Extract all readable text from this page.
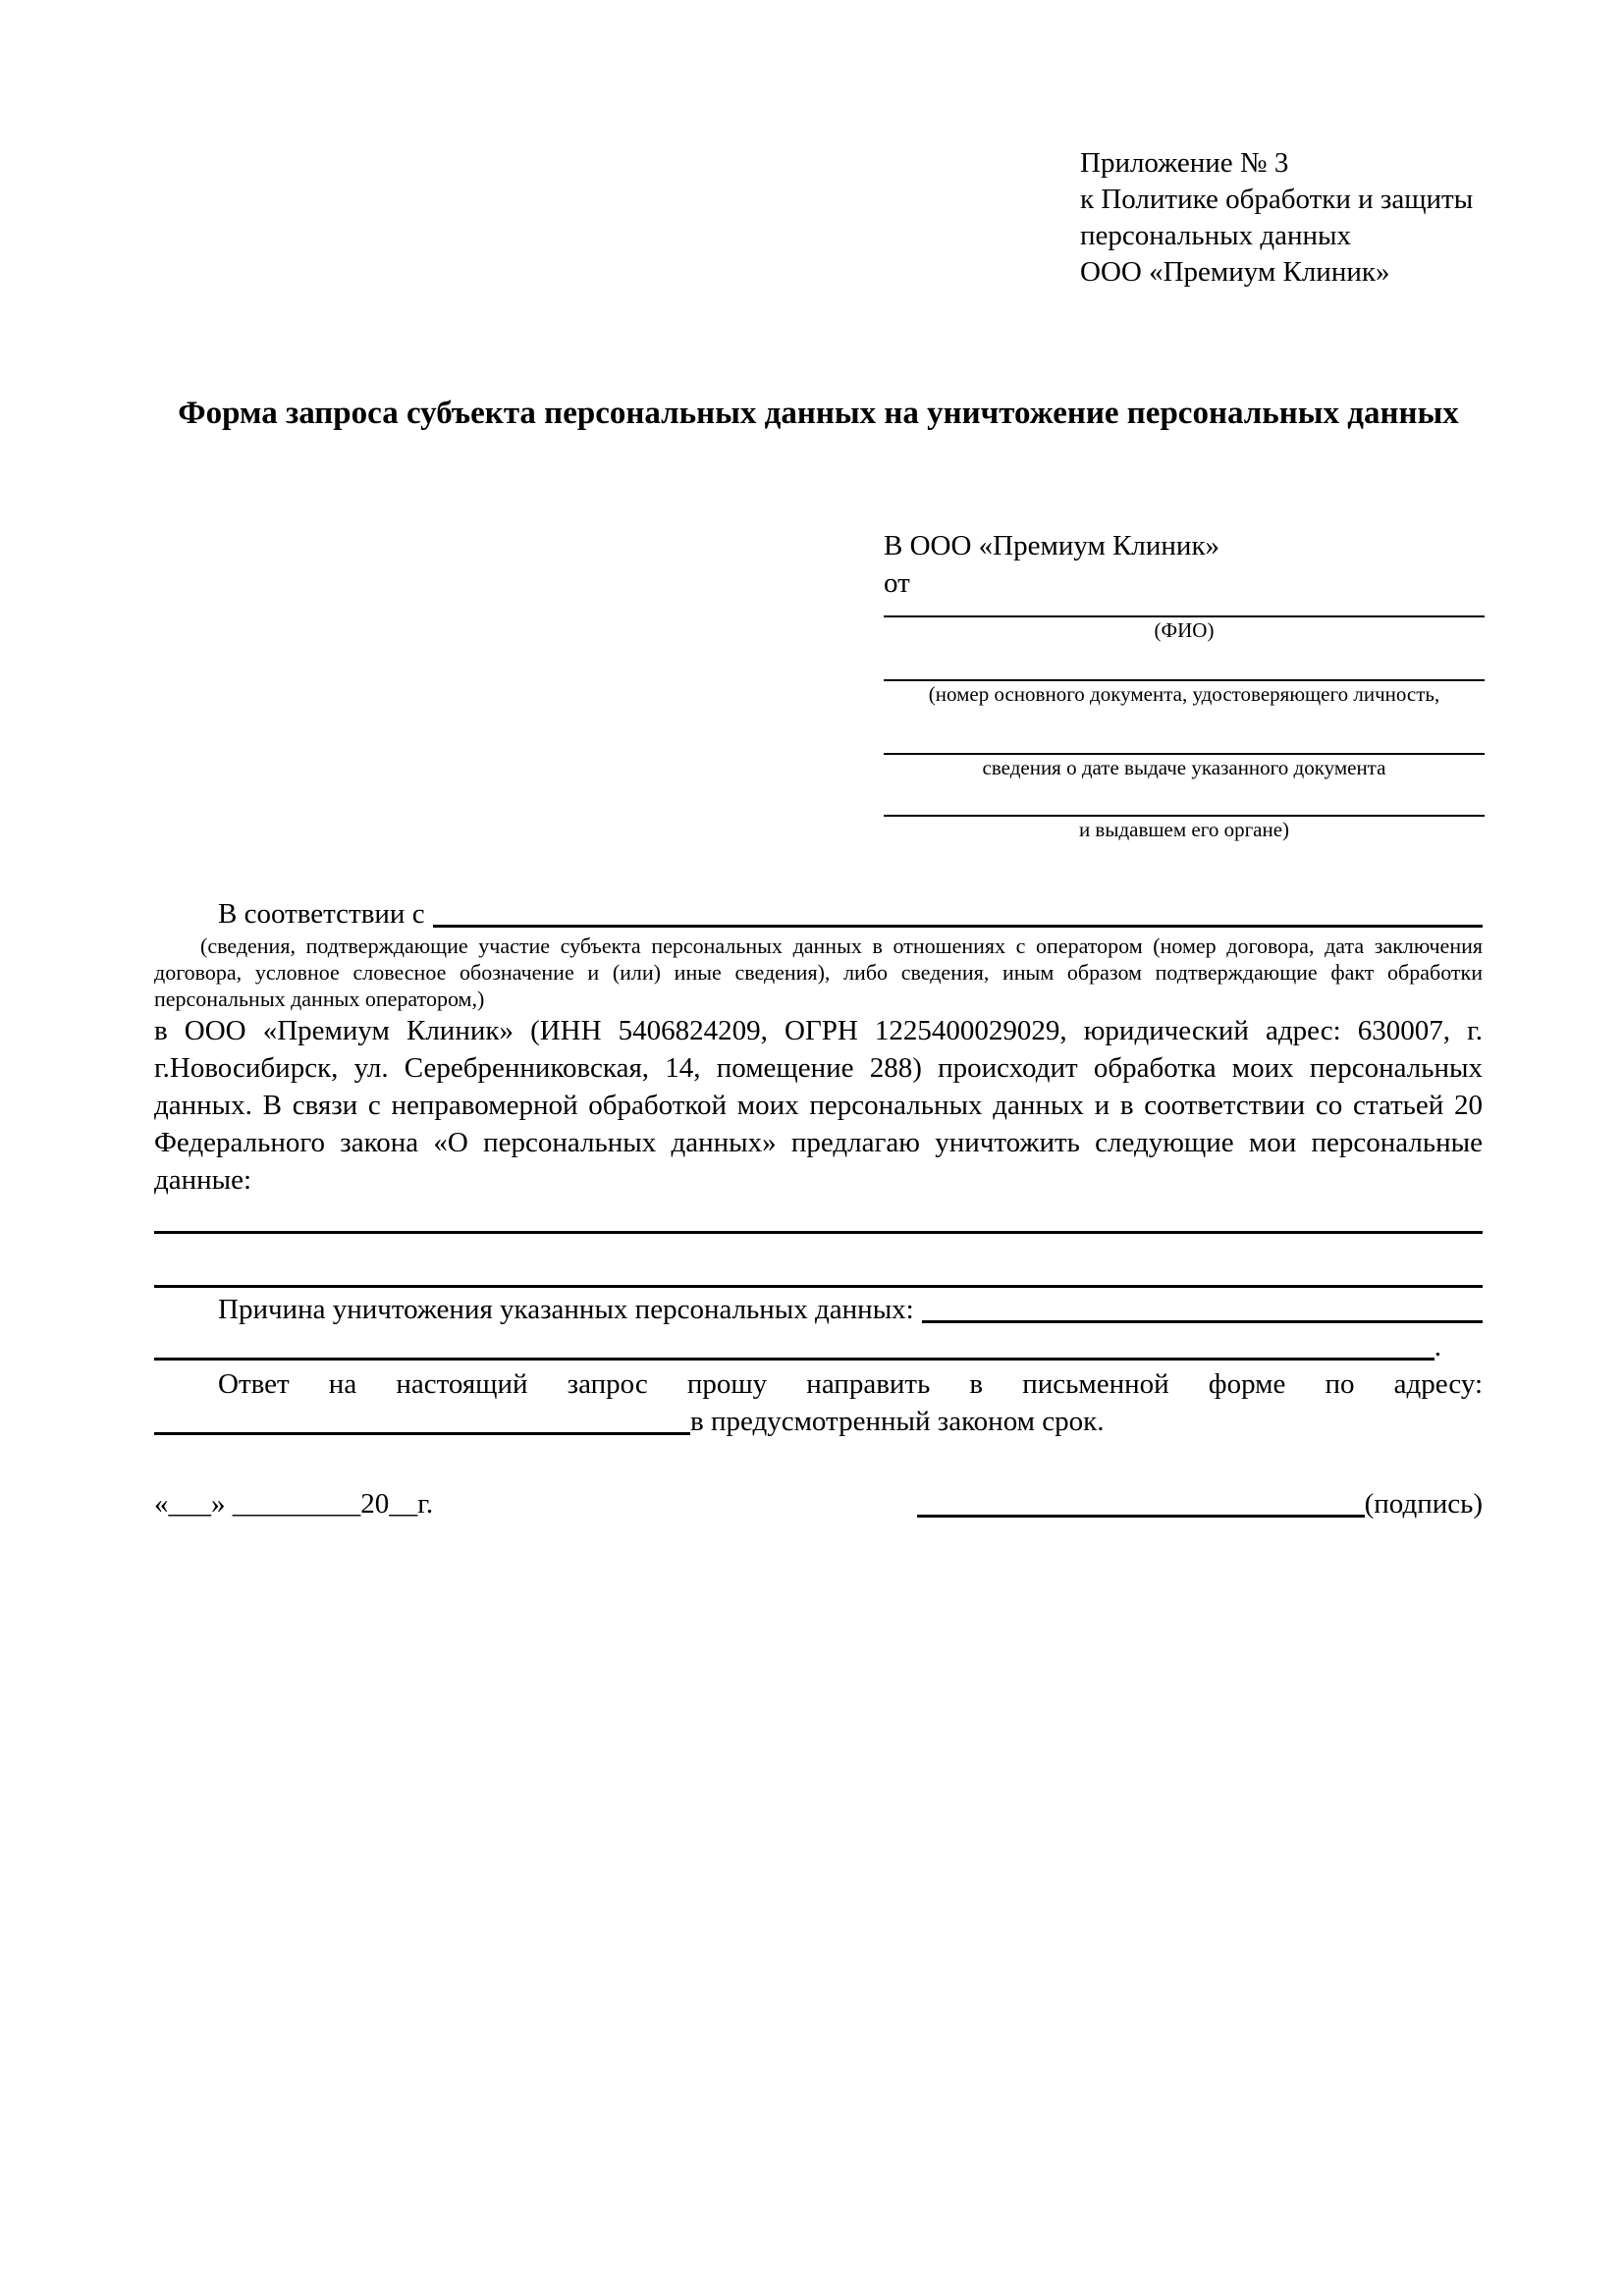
Приложение № 3
к Политике обработки и защиты
персональных данных
ООО «Премиум Клиник»
Форма запроса субъекта персональных данных на уничтожение персональных данных
В ООО «Премиум Клиник»
от
(ФИО)
(номер основного документа, удостоверяющего личность,
сведения о дате выдаче указанного документа
и выдавшем его органе)
В соответствии с

(сведения, подтверждающие участие субъекта персональных данных в отношениях с оператором (номер договора, дата заключения договора, условное словесное обозначение и (или) иные сведения), либо сведения, иным образом подтверждающие факт обработки персональных данных оператором,)

в ООО «Премиум Клиник» (ИНН 5406824209, ОГРН 1225400029029, юридический адрес: 630007, г. г.Новосибирск, ул. Серебренниковская, 14, помещение 288) происходит обработка моих персональных данных. В связи с неправомерной обработкой моих персональных данных и в соответствии со статьей 20 Федерального закона «О персональных данных» предлагаю уничтожить следующие мои персональные данные:

Причина уничтожения указанных персональных данных:
.

Ответ на настоящий запрос прошу направить в письменной форме по адресу:

в предусмотренный законом срок.
«___» _________20__г.	(подпись)
